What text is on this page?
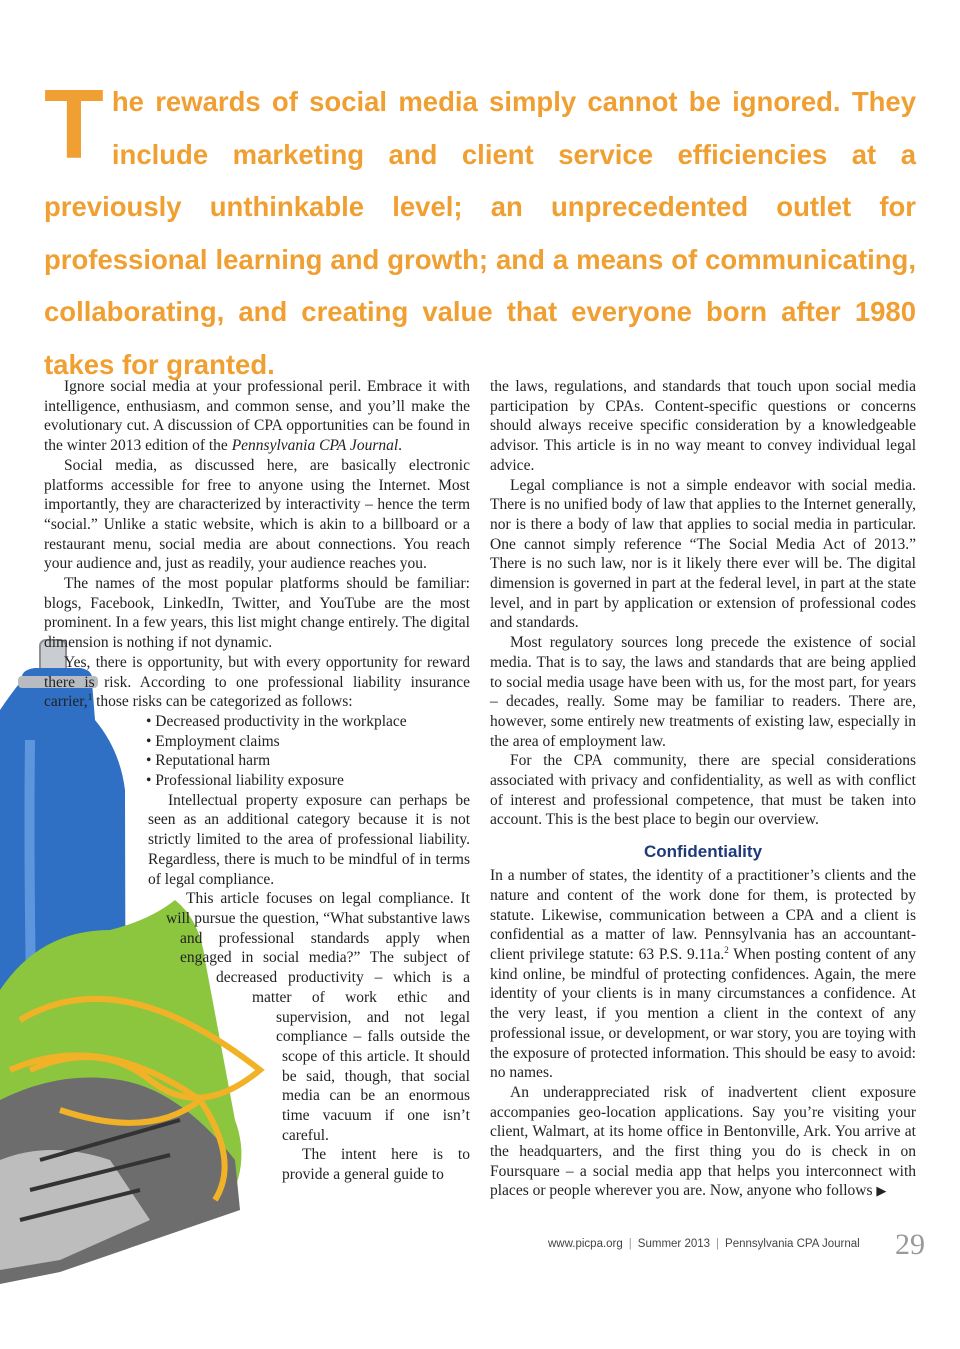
The rewards of social media simply cannot be ignored. They include marketing and client service efficiencies at a previously unthinkable level; an unprecedented outlet for professional learning and growth; and a means of communicating, collaborating, and creating value that everyone born after 1980 takes for granted.

Ignore social media at your professional peril. Embrace it with intelligence, enthusiasm, and common sense, and you’ll make the evolutionary cut. A discussion of CPA opportunities can be found in the winter 2013 edition of the Pennsylvania CPA Journal.

Social media, as discussed here, are basically electronic platforms accessible for free to anyone using the Internet. Most importantly, they are characterized by interactivity – hence the term “social.” Unlike a static website, which is akin to a billboard or a restaurant menu, social media are about connections. You reach your audience and, just as readily, your audience reaches you.

The names of the most popular platforms should be familiar: blogs, Facebook, LinkedIn, Twitter, and YouTube are the most prominent. In a few years, this list might change entirely. The digital dimension is nothing if not dynamic.

Yes, there is opportunity, but with every opportunity for reward there is risk. According to one professional liability insurance carrier,$^1$ those risks can be categorized as follows:

• Decreased productivity in the workplace
• Employment claims
• Reputational harm
• Professional liability exposure

Intellectual property exposure can perhaps be seen as an additional category because it is not strictly limited to the area of professional liability. Regardless, there is much to be mindful of in terms of legal compliance.

This article focuses on legal compliance. It will pursue the question, “What substantive laws and professional standards apply when engaged in social media?” The subject of decreased productivity – which is a matter of work ethic and supervision, and not legal compliance – falls outside the scope of this article. It should be said, though, that social media can be an enormous time vacuum if one isn’t careful.

The intent here is to provide a general guide to

the laws, regulations, and standards that touch upon social media participation by CPAs. Content-specific questions or concerns should always receive specific consideration by a knowledgeable advisor. This article is in no way meant to convey individual legal advice.

Legal compliance is not a simple endeavor with social media. There is no unified body of law that applies to the Internet generally, nor is there a body of law that applies to social media in particular. One cannot simply reference “The Social Media Act of 2013.” There is no such law, nor is it likely there ever will be. The digital dimension is governed in part at the federal level, in part at the state level, and in part by application or extension of professional codes and standards.

Most regulatory sources long precede the existence of social media. That is to say, the laws and standards that are being applied to social media usage have been with us, for the most part, for years – decades, really. Some may be familiar to readers. There are, however, some entirely new treatments of existing law, especially in the area of employment law.

For the CPA community, there are special considerations associated with privacy and confidentiality, as well as with conflict of interest and professional competence, that must be taken into account. This is the best place to begin our overview.

Confidentiality

In a number of states, the identity of a practitioner’s clients and the nature and content of the work done for them, is protected by statute. Likewise, communication between a CPA and a client is confidential as a matter of law. Pennsylvania has an accountant-client privilege statute: 63 P.S. 9.11a.$^2$ When posting content of any kind online, be mindful of protecting confidences. Again, the mere identity of your clients is in many circumstances a confidence. At the very least, if you mention a client in the context of any professional issue, or development, or war story, you are toying with the exposure of protected information. This should be easy to avoid: no names.

An underappreciated risk of inadvertent client exposure accompanies geo-location applications. Say you’re visiting your client, Walmart, at its home office in Bentonville, Ark. You arrive at the headquarters, and the first thing you do is check in on Foursquare – a social media app that helps you interconnect with places or people wherever you are. Now, anyone who follows ▶

www.picpa.org | Summer 2013 | Pennsylvania CPA Journal 29
